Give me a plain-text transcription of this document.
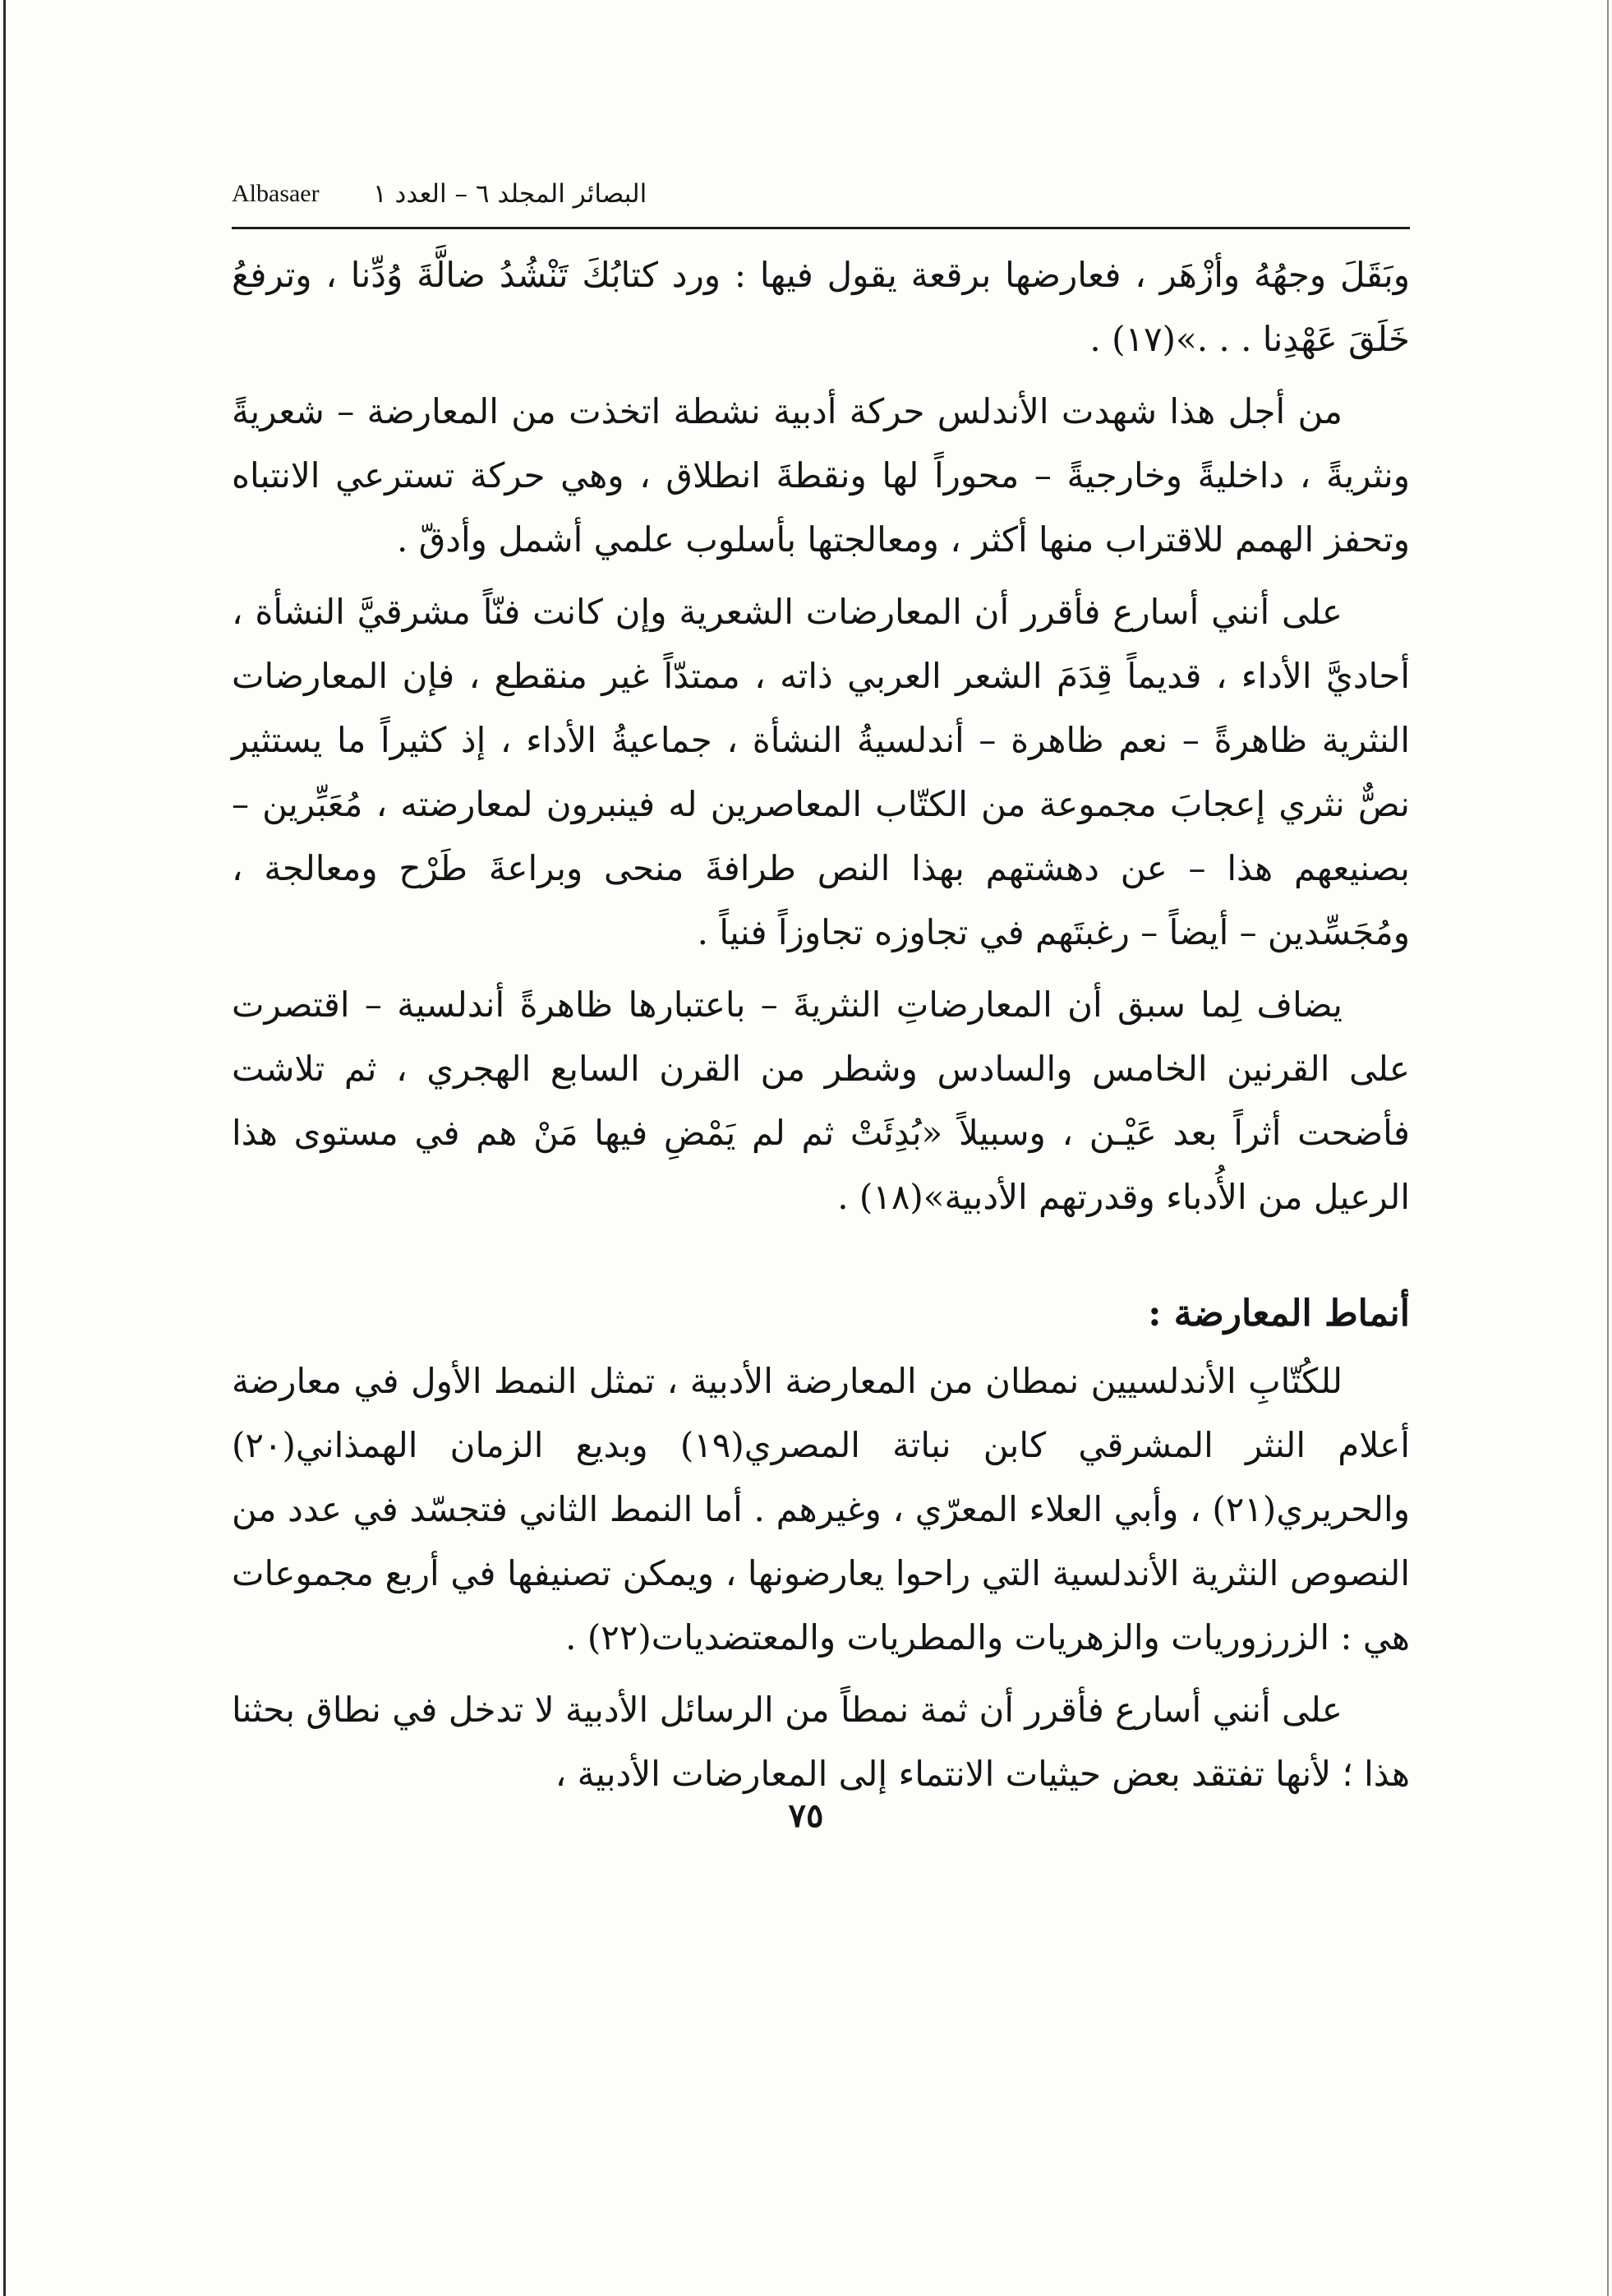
Albasaer البصائر المجلد ٦ – العدد ١

وبَقَلَ وجهُهُ وأزْهَر ، فعارضها برقعة يقول فيها : ورد كتابُكَ تَنْشُدُ ضالَّةَ وُدِّنا ، وترفعُ خَلَقَ عَهْدِنا . . .»(١٧) .

من أجل هذا شهدت الأندلس حركة أدبية نشطة اتخذت من المعارضة – شعريةً ونثريةً ، داخليةً وخارجيةً – محوراً لها ونقطةَ انطلاق ، وهي حركة تسترعي الانتباه وتحفز الهمم للاقتراب منها أكثر ، ومعالجتها بأسلوب علمي أشمل وأدقّ .

على أنني أسارع فأقرر أن المعارضات الشعرية وإن كانت فنّاً مشرقيَّ النشأة ، أحاديَّ الأداء ، قديماً قِدَمَ الشعر العربي ذاته ، ممتدّاً غير منقطع ، فإن المعارضات النثرية ظاهرةً – نعم ظاهرة – أندلسيةُ النشأة ، جماعيةُ الأداء ، إذ كثيراً ما يستثير نصٌّ نثري إعجابَ مجموعة من الكتّاب المعاصرين له فينبرون لمعارضته ، مُعَبِّرين – بصنيعهم هذا – عن دهشتهم بهذا النص طرافةَ منحى وبراعةَ طَرْح ومعالجة ، ومُجَسِّدين – أيضاً – رغبتَهم في تجاوزه تجاوزاً فنياً .

يضاف لِما سبق أن المعارضاتِ النثريةَ – باعتبارها ظاهرةً أندلسية – اقتصرت على القرنين الخامس والسادس وشطر من القرن السابع الهجري ، ثم تلاشت فأضحت أثراً بعد عَيْـن ، وسبيلاً «بُدِئَتْ ثم لم يَمْضِ فيها مَنْ هم في مستوى هذا الرعيل من الأُدباء وقدرتهم الأدبية»(١٨) .

أنماط المعارضة :

للكُتّابِ الأندلسيين نمطان من المعارضة الأدبية ، تمثل النمط الأول في معارضة أعلام النثر المشرقي كابن نباتة المصري(١٩) وبديع الزمان الهمذاني(٢٠) والحريري(٢١) ، وأبي العلاء المعرّي ، وغيرهم . أما النمط الثاني فتجسّد في عدد من النصوص النثرية الأندلسية التي راحوا يعارضونها ، ويمكن تصنيفها في أربع مجموعات هي : الزرزوريات والزهريات والمطريات والمعتضديات(٢٢) .

على أنني أسارع فأقرر أن ثمة نمطاً من الرسائل الأدبية لا تدخل في نطاق بحثنا هذا ؛ لأنها تفتقد بعض حيثيات الانتماء إلى المعارضات الأدبية ،

٧٥
